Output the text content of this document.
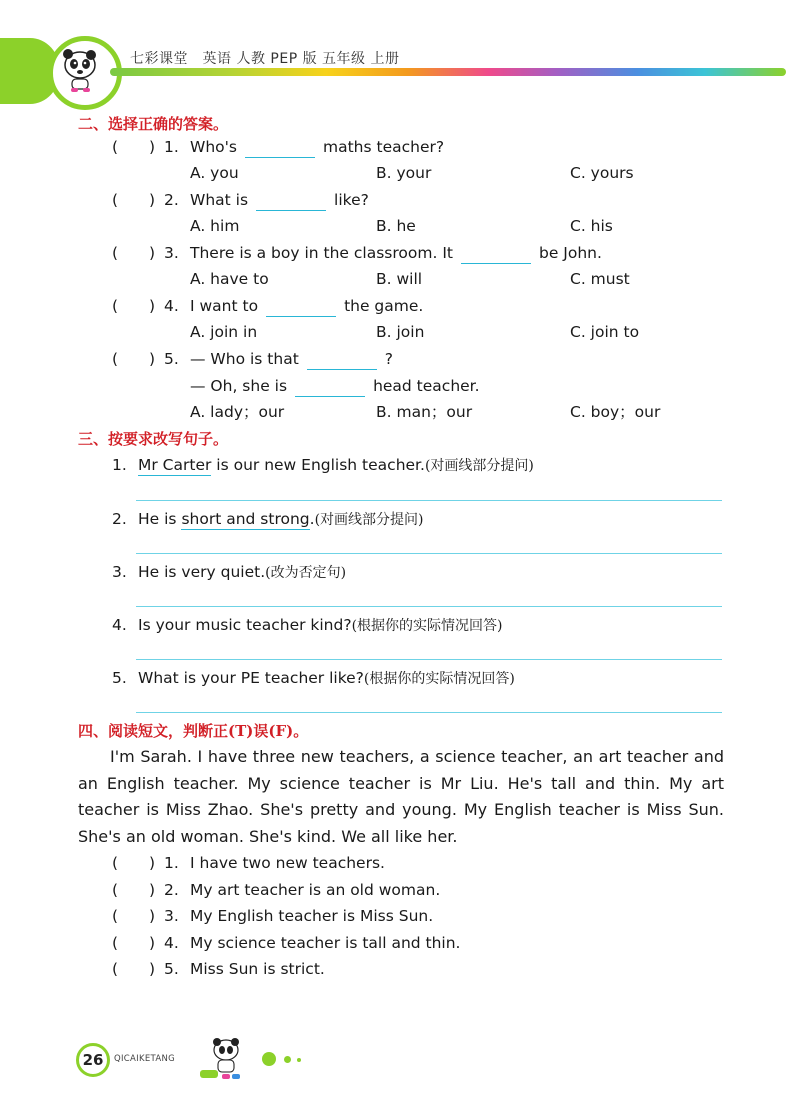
七彩课堂　英语 人教 PEP 版 五年级 上册
二、选择正确的答案。
(　　) 1. Who's	maths teacher?
A. you	B. your	C. yours
(　　) 2. What is	like?
A. him	B. he	C. his
(　　) 3. There is a boy in the classroom. It	be John.
A. have to	B. will	C. must
(　　) 4. I want to	the game.
A. join in	B. join	C. join to
(　　) 5. — Who is that	?
— Oh, she is	head teacher.
A. lady；our	B. man；our	C. boy；our
三、按要求改写句子。
1. Mr Carter is our new English teacher.(对画线部分提问)
2. He is short and strong.(对画线部分提问)
3. He is very quiet.(改为否定句)
4. Is your music teacher kind?(根据你的实际情况回答)
5. What is your PE teacher like?(根据你的实际情况回答)
四、阅读短文，判断正(T)误(F)。

I'm Sarah. I have three new teachers, a science teacher, an art teacher and an English teacher. My science teacher is Mr Liu. He's tall and thin. My art teacher is Miss Zhao. She's pretty and young. My English teacher is Miss Sun. She's an old woman. She's kind. We all like her.

(　　) 1. I have two new teachers.
(　　) 2. My art teacher is an old woman.
(　　) 3. My English teacher is Miss Sun.
(　　) 4. My science teacher is tall and thin.
(　　) 5. Miss Sun is strict.
26	QICAIKETANG
